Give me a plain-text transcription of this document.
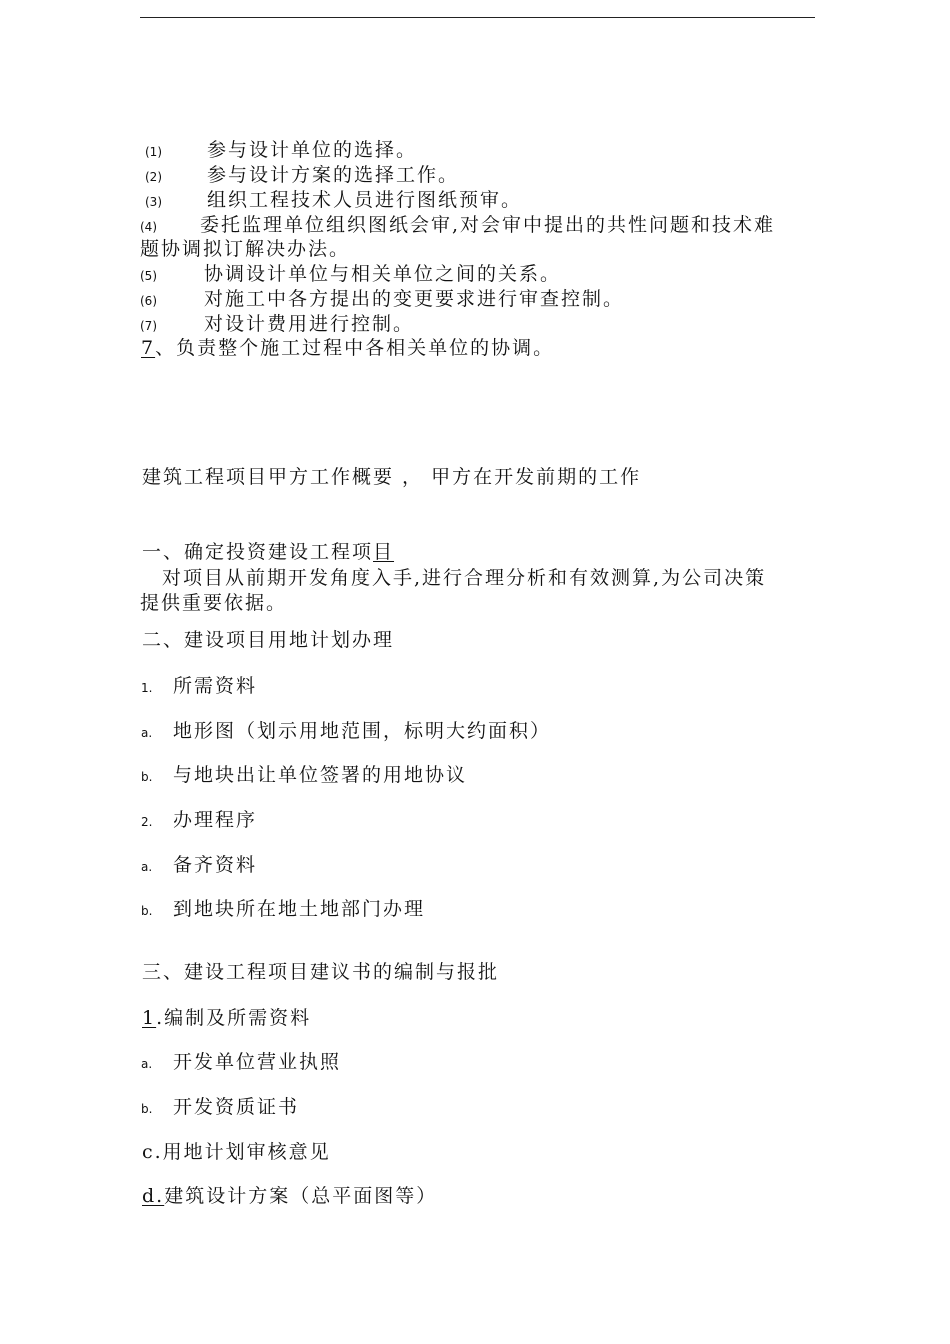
(1) 参与设计单位的选择。
(2) 参与设计方案的选择工作。
(3) 组织工程技术人员进行图纸预审。
(4) 委托监理单位组织图纸会审,对会审中提出的共性问题和技术难
题协调拟订解决办法。
(5) 协调设计单位与相关单位之间的关系。
(6) 对施工中各方提出的变更要求进行审查控制。
(7) 对设计费用进行控制。
7、负责整个施工过程中各相关单位的协调。
建筑工程项目甲方工作概要 ， 甲方在开发前期的工作
一、确定投资建设工程项目
对项目从前期开发角度入手,进行合理分析和有效测算,为公司决策
提供重要依据。
二、建设项目用地计划办理
1. 所需资料
a. 地形图（划示用地范围，标明大约面积）
b. 与地块出让单位签署的用地协议
2. 办理程序
a. 备齐资料
b. 到地块所在地土地部门办理
三、建设工程项目建议书的编制与报批
1.编制及所需资料
a. 开发单位营业执照
b. 开发资质证书
c.用地计划审核意见
d.建筑设计方案（总平面图等）
